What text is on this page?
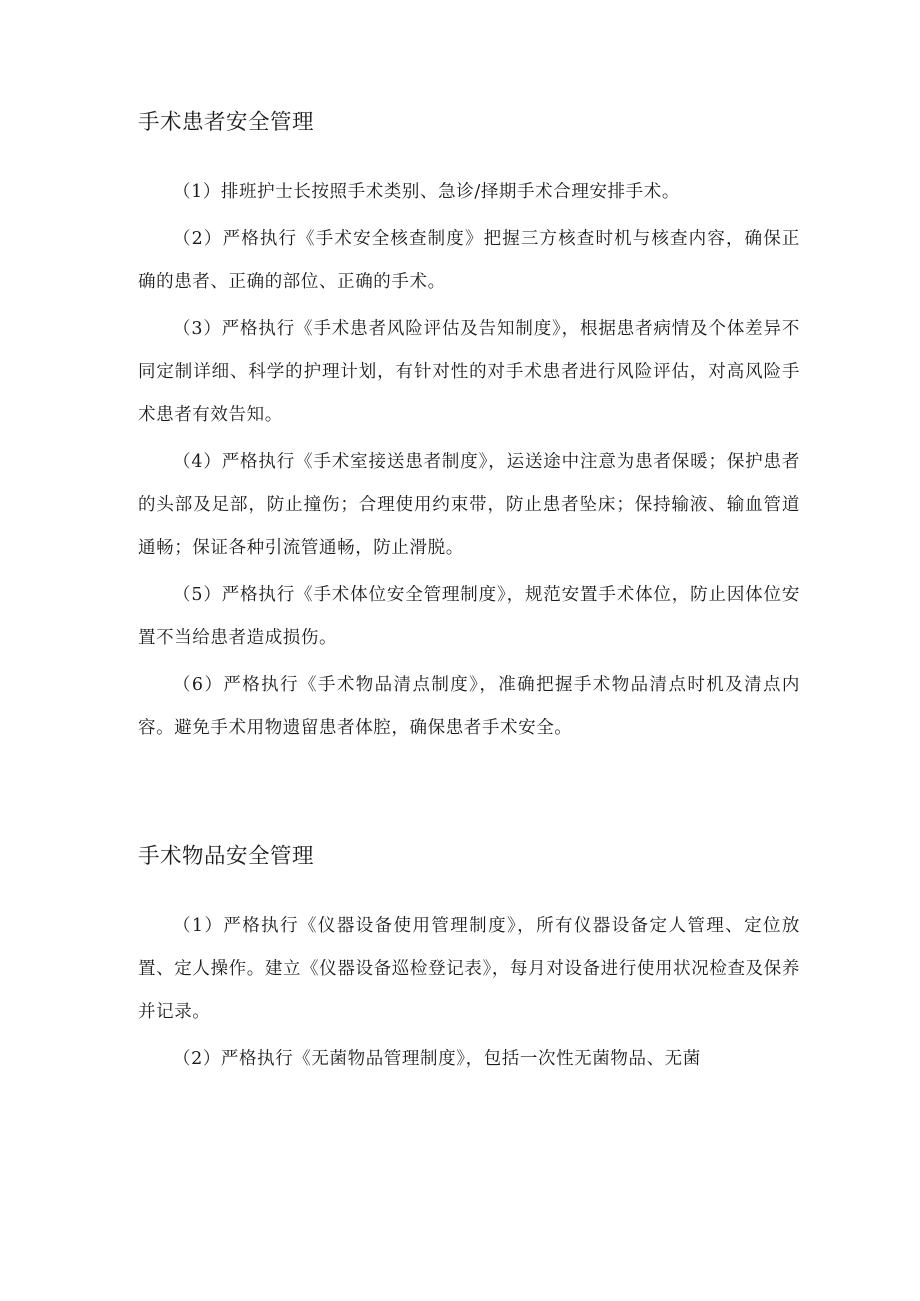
手术患者安全管理

（1）排班护士长按照手术类别、急诊/择期手术合理安排手术。

（2）严格执行《手术安全核查制度》把握三方核查时机与核查内容，确保正确的患者、正确的部位、正确的手术。

（3）严格执行《手术患者风险评估及告知制度》，根据患者病情及个体差异不同定制详细、科学的护理计划，有针对性的对手术患者进行风险评估，对高风险手术患者有效告知。

（4）严格执行《手术室接送患者制度》，运送途中注意为患者保暖；保护患者的头部及足部，防止撞伤；合理使用约束带，防止患者坠床；保持输液、输血管道通畅；保证各种引流管通畅，防止滑脱。

（5）严格执行《手术体位安全管理制度》，规范安置手术体位，防止因体位安置不当给患者造成损伤。

（6）严格执行《手术物品清点制度》，准确把握手术物品清点时机及清点内容。避免手术用物遗留患者体腔，确保患者手术安全。

手术物品安全管理

（1）严格执行《仪器设备使用管理制度》，所有仪器设备定人管理、定位放置、定人操作。建立《仪器设备巡检登记表》，每月对设备进行使用状况检查及保养并记录。

（2）严格执行《无菌物品管理制度》，包括一次性无菌物品、无菌
